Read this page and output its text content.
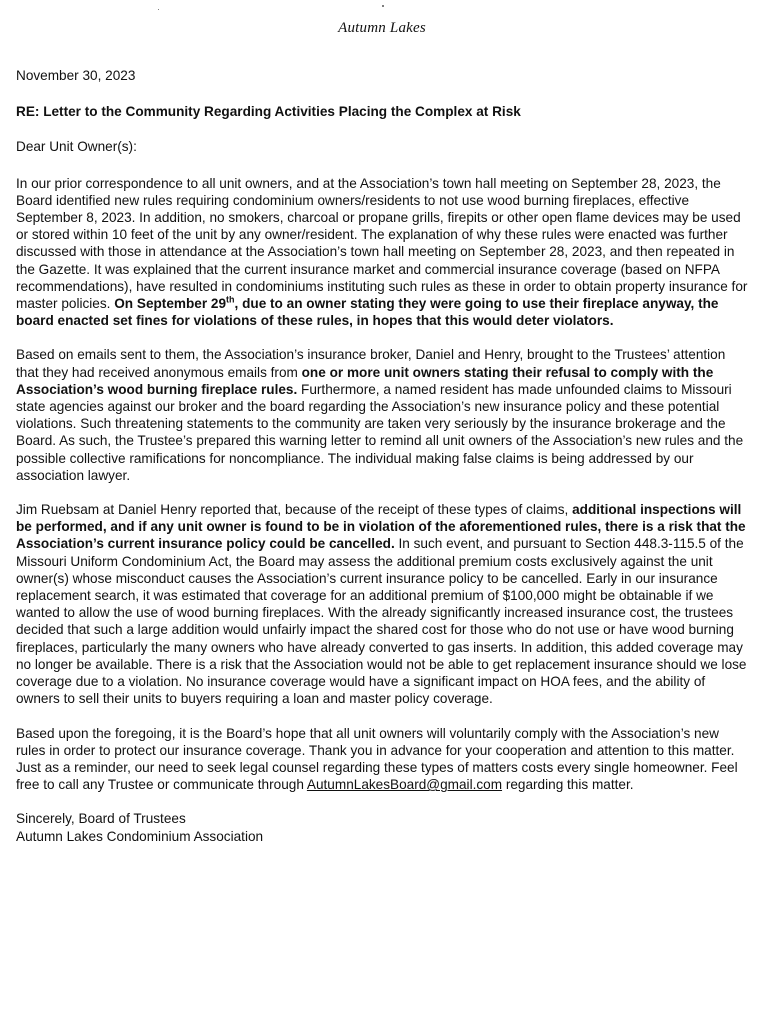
Autumn Lakes
November 30, 2023
RE: Letter to the Community Regarding Activities Placing the Complex at Risk
Dear Unit Owner(s):

In our prior correspondence to all unit owners, and at the Association’s town hall meeting on September 28, 2023, the Board identified new rules requiring condominium owners/residents to not use wood burning fireplaces, effective September 8, 2023. In addition, no smokers, charcoal or propane grills, firepits or other open flame devices may be used or stored within 10 feet of the unit by any owner/resident. The explanation of why these rules were enacted was further discussed with those in attendance at the Association’s town hall meeting on September 28, 2023, and then repeated in the Gazette. It was explained that the current insurance market and commercial insurance coverage (based on NFPA recommendations), have resulted in condominiums instituting such rules as these in order to obtain property insurance for master policies. On September 29th, due to an owner stating they were going to use their fireplace anyway, the board enacted set fines for violations of these rules, in hopes that this would deter violators.

Based on emails sent to them, the Association’s insurance broker, Daniel and Henry, brought to the Trustees’ attention that they had received anonymous emails from one or more unit owners stating their refusal to comply with the Association’s wood burning fireplace rules. Furthermore, a named resident has made unfounded claims to Missouri state agencies against our broker and the board regarding the Association’s new insurance policy and these potential violations. Such threatening statements to the community are taken very seriously by the insurance brokerage and the Board. As such, the Trustee’s prepared this warning letter to remind all unit owners of the Association’s new rules and the possible collective ramifications for noncompliance. The individual making false claims is being addressed by our association lawyer.

Jim Ruebsam at Daniel Henry reported that, because of the receipt of these types of claims, additional inspections will be performed, and if any unit owner is found to be in violation of the aforementioned rules, there is a risk that the Association’s current insurance policy could be cancelled. In such event, and pursuant to Section 448.3-115.5 of the Missouri Uniform Condominium Act, the Board may assess the additional premium costs exclusively against the unit owner(s) whose misconduct causes the Association’s current insurance policy to be cancelled. Early in our insurance replacement search, it was estimated that coverage for an additional premium of $100,000 might be obtainable if we wanted to allow the use of wood burning fireplaces. With the already significantly increased insurance cost, the trustees decided that such a large addition would unfairly impact the shared cost for those who do not use or have wood burning fireplaces, particularly the many owners who have already converted to gas inserts. In addition, this added coverage may no longer be available. There is a risk that the Association would not be able to get replacement insurance should we lose coverage due to a violation. No insurance coverage would have a significant impact on HOA fees, and the ability of owners to sell their units to buyers requiring a loan and master policy coverage.

Based upon the foregoing, it is the Board’s hope that all unit owners will voluntarily comply with the Association’s new rules in order to protect our insurance coverage. Thank you in advance for your cooperation and attention to this matter. Just as a reminder, our need to seek legal counsel regarding these types of matters costs every single homeowner. Feel free to call any Trustee or communicate through AutumnLakesBoard@gmail.com regarding this matter.

Sincerely, Board of Trustees

Autumn Lakes Condominium Association
